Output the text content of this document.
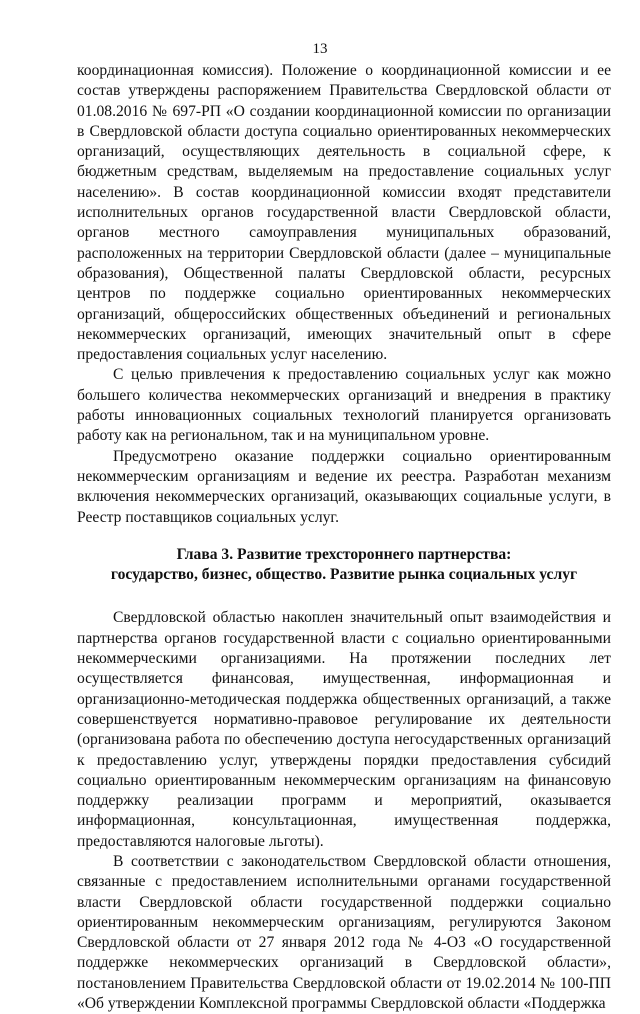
13

координационная комиссия). Положение о координационной комиссии и ее состав утверждены распоряжением Правительства Свердловской области от 01.08.2016 № 697-РП «О создании координационной комиссии по организации в Свердловской области доступа социально ориентированных некоммерческих организаций, осуществляющих деятельность в социальной сфере, к бюджетным средствам, выделяемым на предоставление социальных услуг населению». В состав координационной комиссии входят представители исполнительных органов государственной власти Свердловской области, органов местного самоуправления муниципальных образований, расположенных на территории Свердловской области (далее – муниципальные образования), Общественной палаты Свердловской области, ресурсных центров по поддержке социально ориентированных некоммерческих организаций, общероссийских общественных объединений и региональных некоммерческих организаций, имеющих значительный опыт в сфере предоставления социальных услуг населению.

С целью привлечения к предоставлению социальных услуг как можно большего количества некоммерческих организаций и внедрения в практику работы инновационных социальных технологий планируется организовать работу как на региональном, так и на муниципальном уровне.

Предусмотрено оказание поддержки социально ориентированным некоммерческим организациям и ведение их реестра. Разработан механизм включения некоммерческих организаций, оказывающих социальные услуги, в Реестр поставщиков социальных услуг.

Глава 3. Развитие трехстороннего партнерства:
государство, бизнес, общество. Развитие рынка социальных услуг

Свердловской областью накоплен значительный опыт взаимодействия и партнерства органов государственной власти с социально ориентированными некоммерческими организациями. На протяжении последних лет осуществляется финансовая, имущественная, информационная и организационно-методическая поддержка общественных организаций, а также совершенствуется нормативно-правовое регулирование их деятельности (организована работа по обеспечению доступа негосударственных организаций к предоставлению услуг, утверждены порядки предоставления субсидий социально ориентированным некоммерческим организациям на финансовую поддержку реализации программ и мероприятий, оказывается информационная, консультационная, имущественная поддержка, предоставляются налоговые льготы).

В соответствии с законодательством Свердловской области отношения, связанные с предоставлением исполнительными органами государственной власти Свердловской области государственной поддержки социально ориентированным некоммерческим организациям, регулируются Законом Свердловской области от 27 января 2012 года № 4-ОЗ «О государственной поддержке некоммерческих организаций в Свердловской области», постановлением Правительства Свердловской области от 19.02.2014 № 100-ПП «Об утверждении Комплексной программы Свердловской области «Поддержка
